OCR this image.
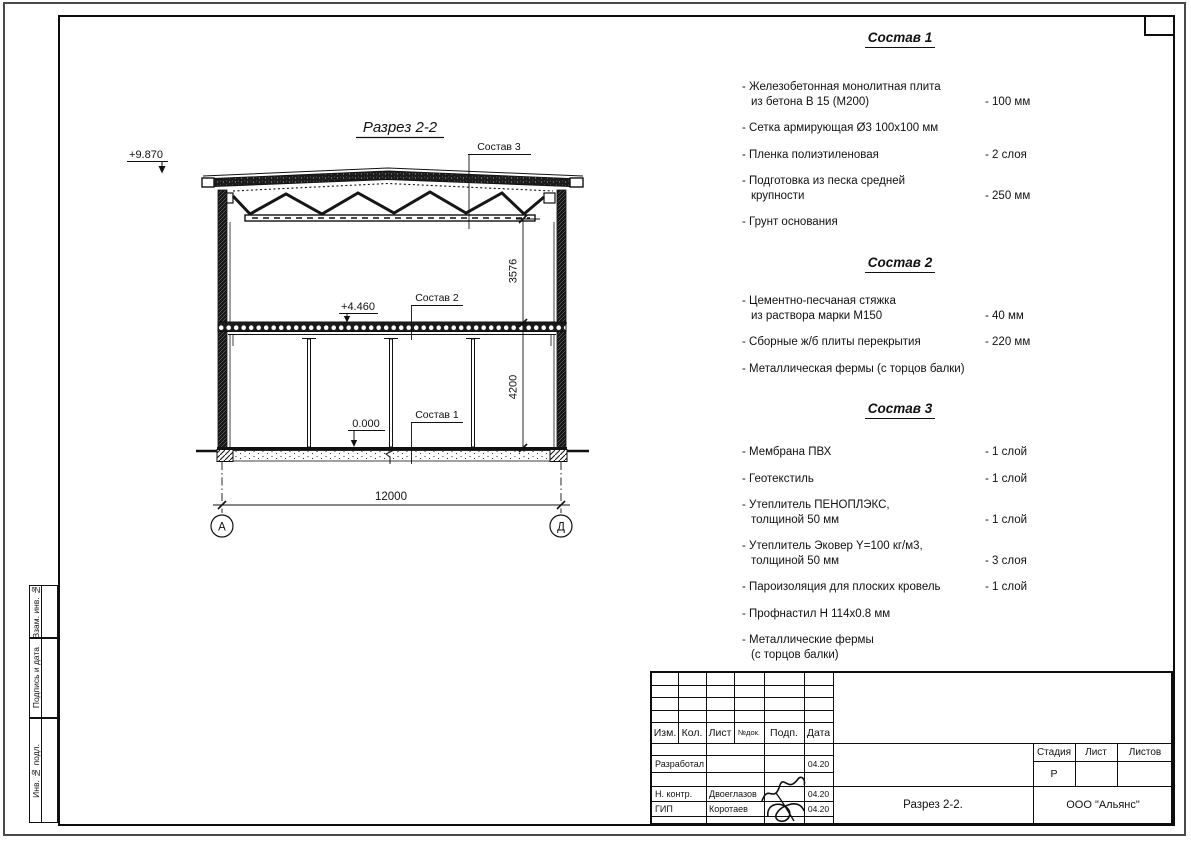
Разрез 2-2
+9.870
Состав 3
+4.460
Состав 2
0.000
Состав 1
3576
4200
12000
А	Д
Состав 1
- Железобетонная монолитная плита
из бетона В 15 (М200)	- 100 мм
- Сетка армирующая Ø3 100x100 мм
- Пленка полиэтиленовая	- 2 слоя
- Подготовка из песка средней
крупности	- 250 мм
- Грунт основания
Состав 2
- Цементно-песчаная стяжка
из раствора марки М150	- 40 мм
- Сборные ж/б плиты перекрытия	- 220 мм
- Металлическая фермы (с торцов балки)
Состав 3
- Мембрана ПВХ	- 1 слой
- Геотекстиль	- 1 слой
- Утеплитель ПЕНОПЛЭКС,
толщиной 50 мм	- 1 слой
- Утеплитель Эковер Y=100 кг/м3,
толщиной 50 мм	- 3 слоя
- Пароизоляция для плоских кровель	- 1 слой
- Профнастил Н 114x0.8 мм
- Металлические фермы
(с торцов балки)
Взам. инв. №
Подпись и дата
Инв. № подл.
Изм. Кол. Лист №док. Подп. Дата
Разработал	04.20
Н. контр.	Двоеглазов	04.20
ГИП	Коротаев	04.20
Стадия	Лист	Листов
Р
Разрез 2-2.	ООО "Альянс"
